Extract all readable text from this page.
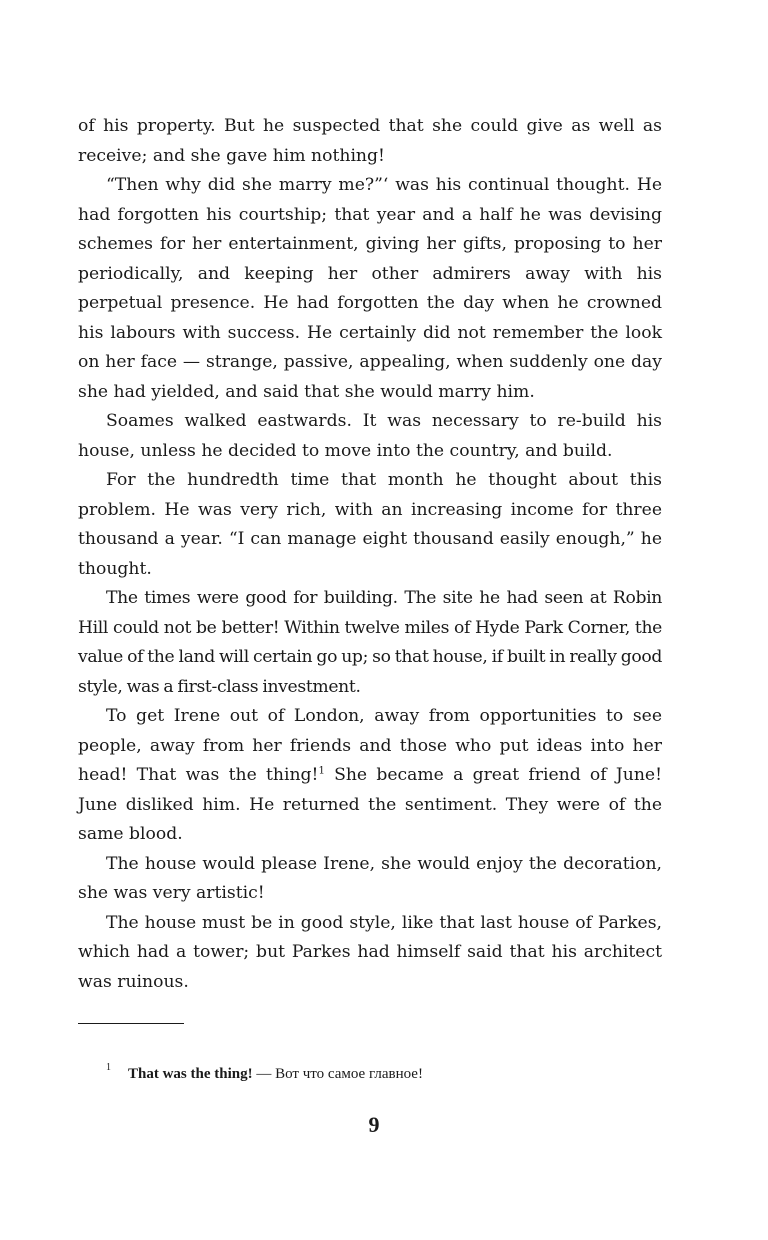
of his property. But he suspected that she could give as well as receive; and she gave him nothing!

“Then why did she marry me?”‘ was his continual thought. He had forgotten his courtship; that year and a half he was devising schemes for her entertainment, giving her gifts, proposing to her periodically, and keeping her other admirers away with his perpetual presence. He had forgotten the day when he crowned his labours with success. He certainly did not remember the look on her face — strange, passive, appealing, when suddenly one day she had yielded, and said that she would marry him.

Soames walked eastwards. It was necessary to re-build his house, unless he decided to move into the country, and build.

For the hundredth time that month he thought about this problem. He was very rich, with an increasing income for three thousand a year. “I can manage eight thousand easily enough,” he thought.

The times were good for building. The site he had seen at Robin Hill could not be better! Within twelve miles of Hyde Park Corner, the value of the land will certain go up; so that house, if built in really good style, was a first-class investment.

To get Irene out of London, away from opportunities to see people, away from her friends and those who put ideas into her head! That was the thing!$^1$ She became a great friend of June! June disliked him. He returned the sentiment. They were of the same blood.

The house would please Irene, she would enjoy the decoration, she was very artistic!

The house must be in good style, like that last house of Parkes, which had a tower; but Parkes had himself said that his architect was ruinous.

1 That was the thing! — Вот что самое главное!
9
